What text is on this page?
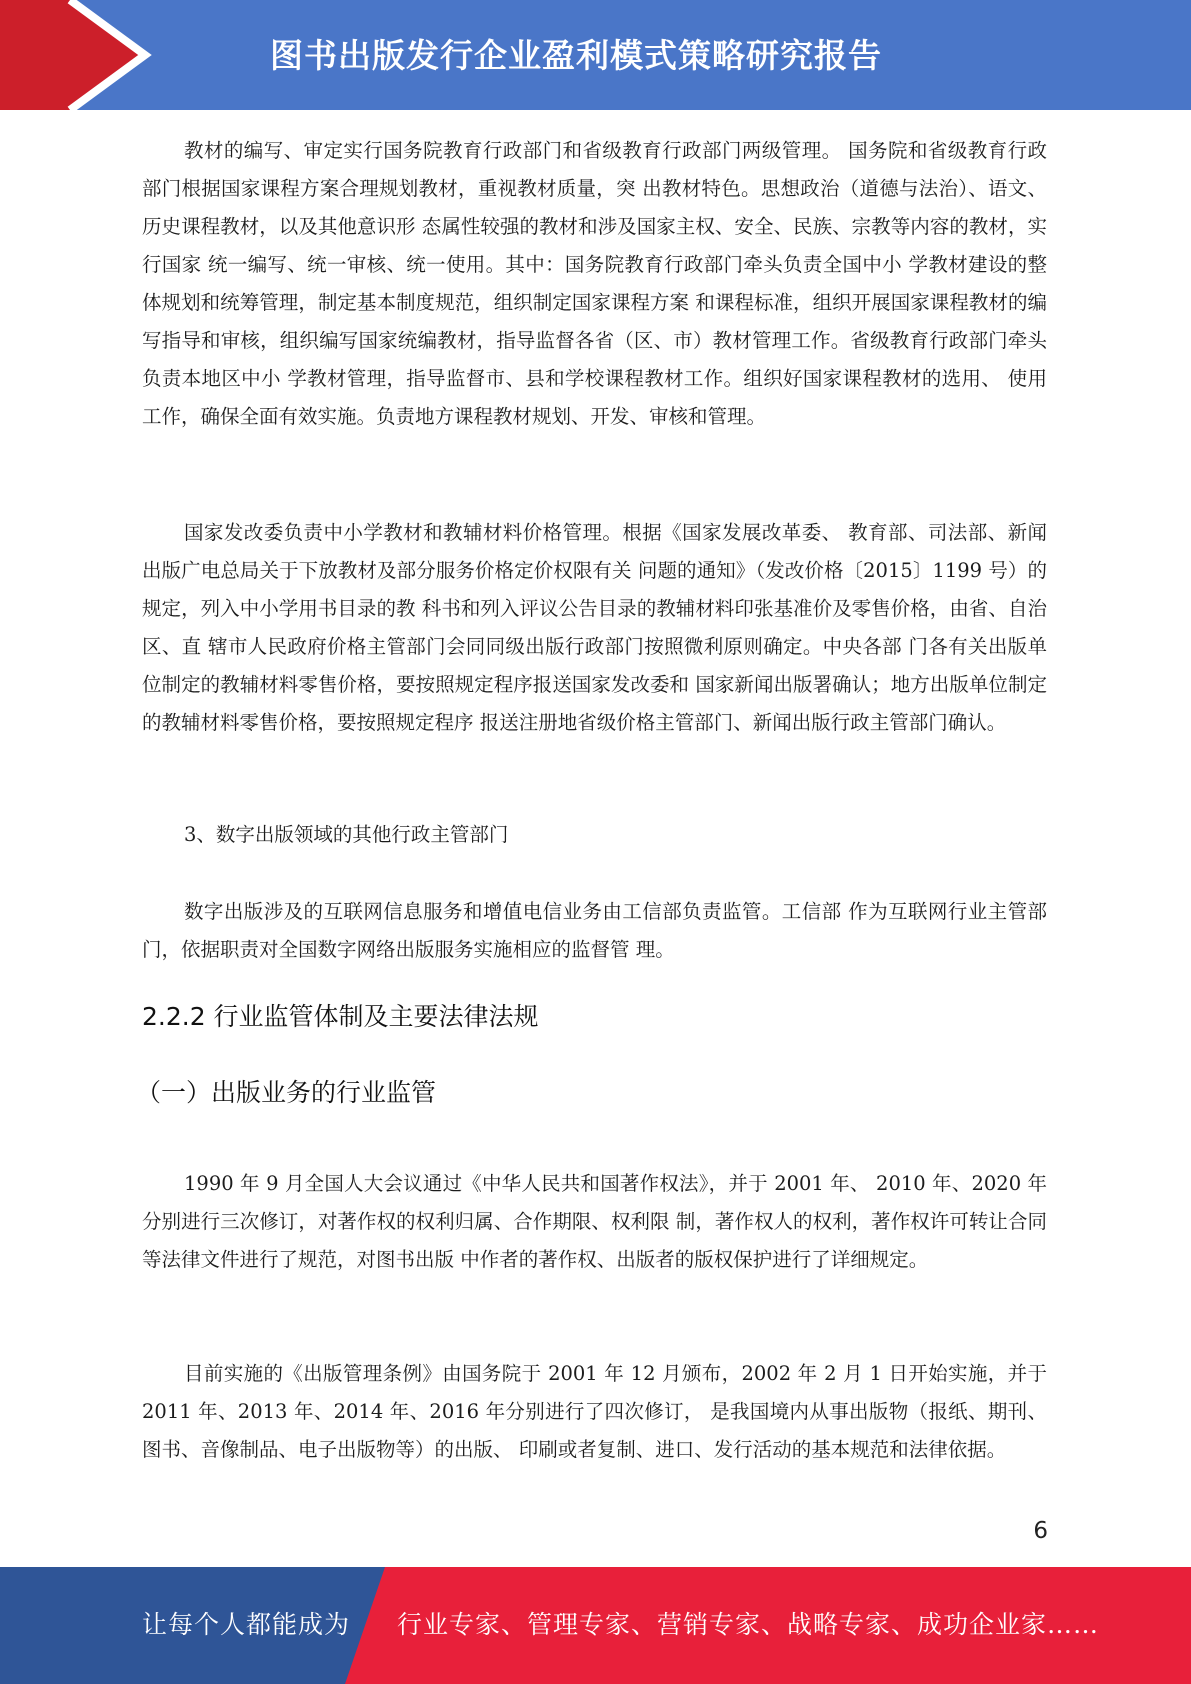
图书出版发行企业盈利模式策略研究报告

教材的编写、审定实行国务院教育行政部门和省级教育行政部门两级管理。 国务院和省级教育行政部门根据国家课程方案合理规划教材，重视教材质量，突 出教材特色。思想政治（道德与法治）、语文、历史课程教材，以及其他意识形 态属性较强的教材和涉及国家主权、安全、民族、宗教等内容的教材，实行国家 统一编写、统一审核、统一使用。其中：国务院教育行政部门牵头负责全国中小 学教材建设的整体规划和统筹管理，制定基本制度规范，组织制定国家课程方案 和课程标准，组织开展国家课程教材的编写指导和审核，组织编写国家统编教材，指导监督各省（区、市）教材管理工作。省级教育行政部门牵头负责本地区中小 学教材管理，指导监督市、县和学校课程教材工作。组织好国家课程教材的选用、 使用工作，确保全面有效实施。负责地方课程教材规划、开发、审核和管理。

国家发改委负责中小学教材和教辅材料价格管理。根据《国家发展改革委、 教育部、司法部、新闻出版广电总局关于下放教材及部分服务价格定价权限有关 问题的通知》（发改价格〔2015〕1199 号）的规定，列入中小学用书目录的教 科书和列入评议公告目录的教辅材料印张基准价及零售价格，由省、自治区、直 辖市人民政府价格主管部门会同同级出版行政部门按照微利原则确定。中央各部 门各有关出版单位制定的教辅材料零售价格，要按照规定程序报送国家发改委和 国家新闻出版署确认；地方出版单位制定的教辅材料零售价格，要按照规定程序 报送注册地省级价格主管部门、新闻出版行政主管部门确认。

3、数字出版领域的其他行政主管部门

数字出版涉及的互联网信息服务和增值电信业务由工信部负责监管。工信部 作为互联网行业主管部门，依据职责对全国数字网络出版服务实施相应的监督管 理。

2.2.2 行业监管体制及主要法律法规
（一）出版业务的行业监管

1990 年 9 月全国人大会议通过《中华人民共和国著作权法》，并于 2001 年、 2010 年、2020 年分别进行三次修订，对著作权的权利归属、合作期限、权利限 制，著作权人的权利，著作权许可转让合同等法律文件进行了规范，对图书出版 中作者的著作权、出版者的版权保护进行了详细规定。

目前实施的《出版管理条例》由国务院于 2001 年 12 月颁布，2002 年 2 月 1 日开始实施，并于 2011 年、2013 年、2014 年、2016 年分别进行了四次修订， 是我国境内从事出版物（报纸、期刊、图书、音像制品、电子出版物等）的出版、 印刷或者复制、进口、发行活动的基本规范和法律依据。

6
让每个人都能成为 行业专家、管理专家、营销专家、战略专家、成功企业家……
